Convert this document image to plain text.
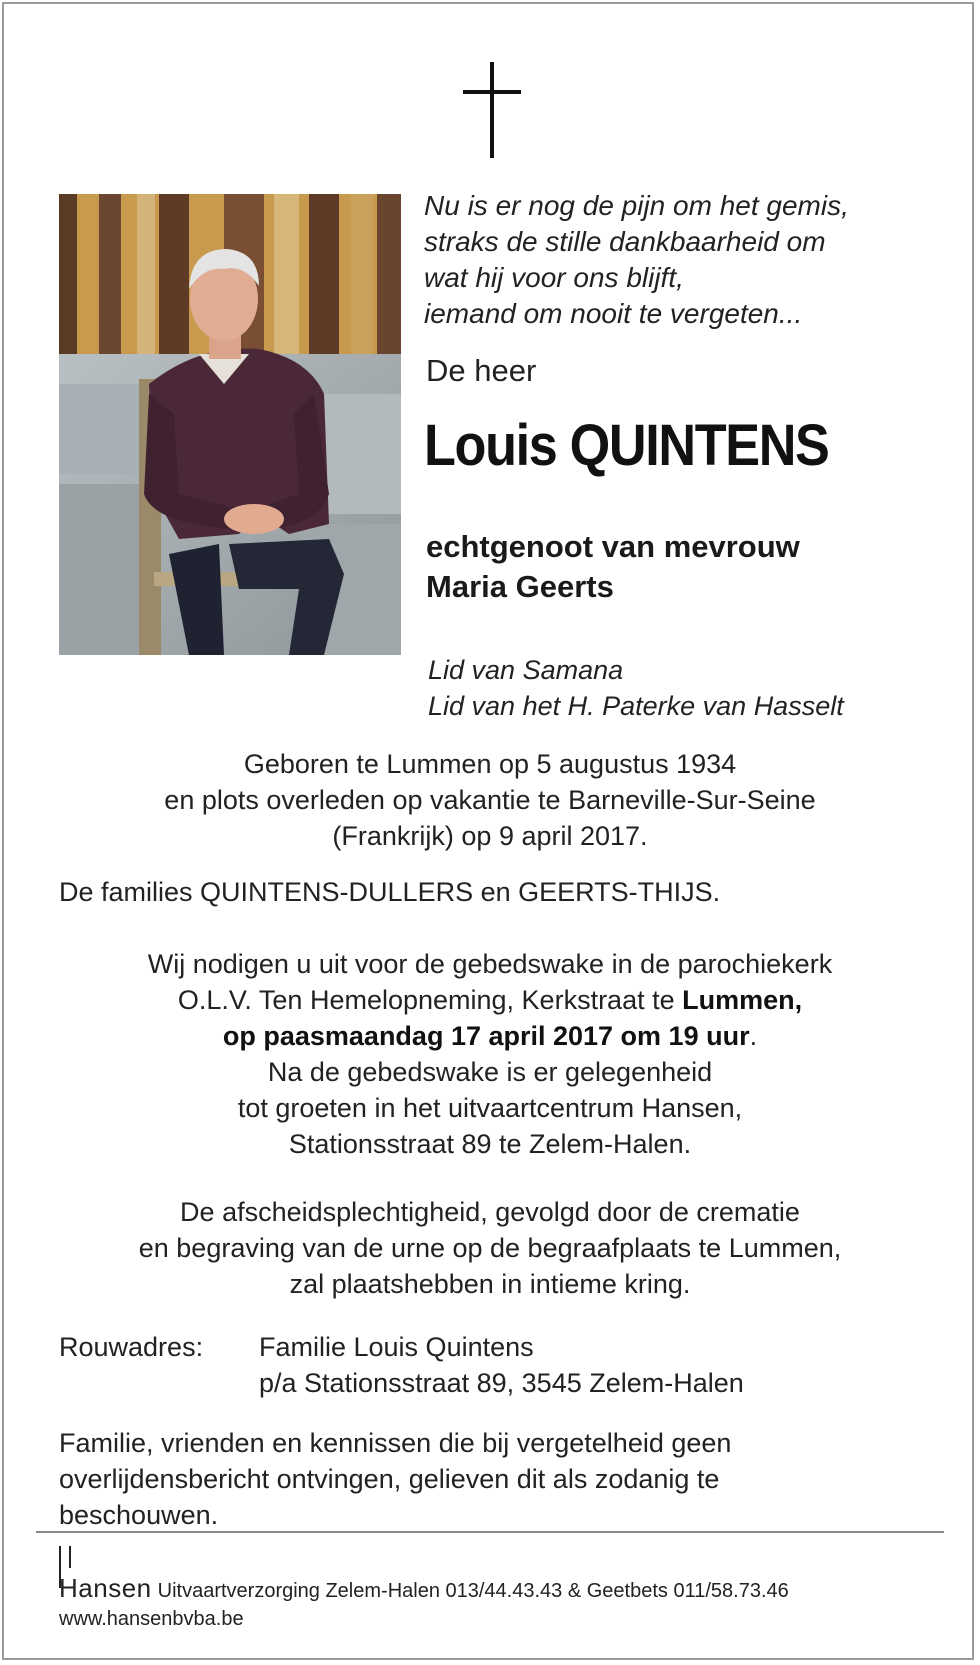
Nu is er nog de pijn om het gemis,
straks de stille dankbaarheid om
wat hij voor ons blijft,
iemand om nooit te vergeten...
De heer
Louis QUINTENS
echtgenoot van mevrouw
Maria Geerts
Lid van Samana
Lid van het H. Paterke van Hasselt
Geboren te Lummen op 5 augustus 1934
en plots overleden op vakantie te Barneville-Sur-Seine
(Frankrijk) op 9 april 2017.
De families QUINTENS-DULLERS en GEERTS-THIJS.
Wij nodigen u uit voor de gebedswake in de parochiekerk
O.L.V. Ten Hemelopneming, Kerkstraat te Lummen,
op paasmaandag 17 april 2017 om 19 uur.
Na de gebedswake is er gelegenheid
tot groeten in het uitvaartcentrum Hansen,
Stationsstraat 89 te Zelem-Halen.
De afscheidsplechtigheid, gevolgd door de crematie
en begraving van de urne op de begraafplaats te Lummen,
zal plaatshebben in intieme kring.
Rouwadres: Familie Louis Quintens
p/a Stationsstraat 89, 3545 Zelem-Halen
Familie, vrienden en kennissen die bij vergetelheid geen
overlijdensbericht ontvingen, gelieven dit als zodanig te
beschouwen.
Hansen Uitvaartverzorging Zelem-Halen 013/44.43.43 & Geetbets 011/58.73.46
www.hansenbvba.be
